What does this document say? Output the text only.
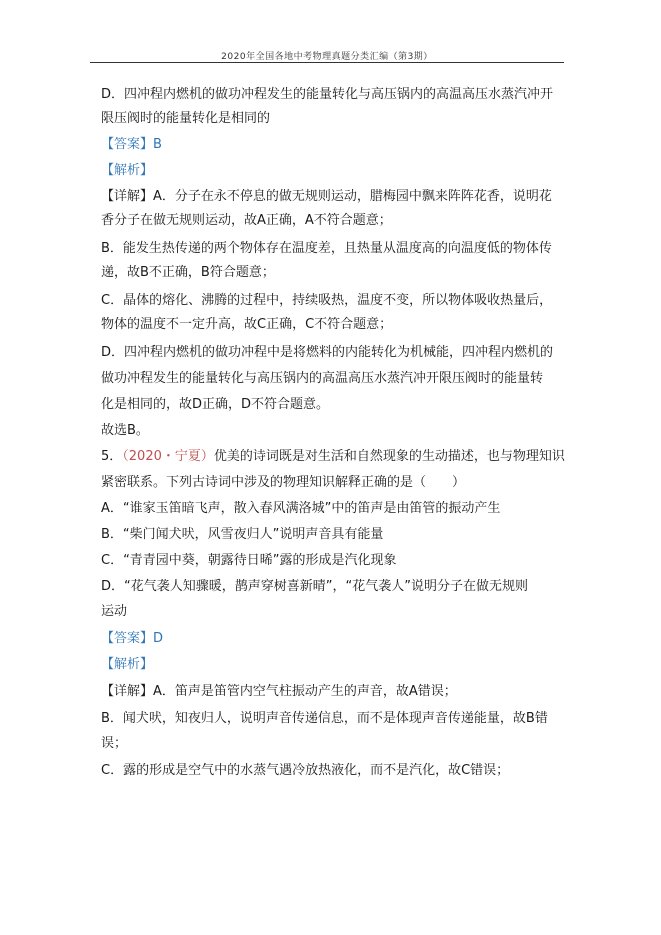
2020年全国各地中考物理真题分类汇编（第3期）
D．四冲程内燃机的做功冲程发生的能量转化与高压锅内的高温高压水蒸汽冲开
限压阀时的能量转化是相同的
【答案】B
【解析】
【详解】A．分子在永不停息的做无规则运动，腊梅园中飘来阵阵花香，说明花
香分子在做无规则运动，故A正确，A不符合题意；
B．能发生热传递的两个物体存在温度差，且热量从温度高的向温度低的物体传
递，故B不正确，B符合题意；
C．晶体的熔化、沸腾的过程中，持续吸热，温度不变，所以物体吸收热量后，
物体的温度不一定升高，故C正确，C不符合题意；
D．四冲程内燃机的做功冲程中是将燃料的内能转化为机械能，四冲程内燃机的
做功冲程发生的能量转化与高压锅内的高温高压水蒸汽冲开限压阀时的能量转
化是相同的，故D正确，D不符合题意。
故选B。
5．（2020・宁夏）优美的诗词既是对生活和自然现象的生动描述，也与物理知识
紧密联系。下列古诗词中涉及的物理知识解释正确的是（　　）
A．“谁家玉笛暗飞声，散入春风满洛城”中的笛声是由笛管的振动产生
B．“柴门闻犬吠，风雪夜归人”说明声音具有能量
C．“青青园中葵，朝露待日晞”露的形成是汽化现象
D．“花气袭人知骤暖，鹊声穿树喜新晴”，“花气袭人”说明分子在做无规则
运动
【答案】D
【解析】
【详解】A．笛声是笛管内空气柱振动产生的声音，故A错误；
B．闻犬吠，知夜归人，说明声音传递信息，而不是体现声音传递能量，故B错
误；
C．露的形成是空气中的水蒸气遇冷放热液化，而不是汽化，故C错误；
